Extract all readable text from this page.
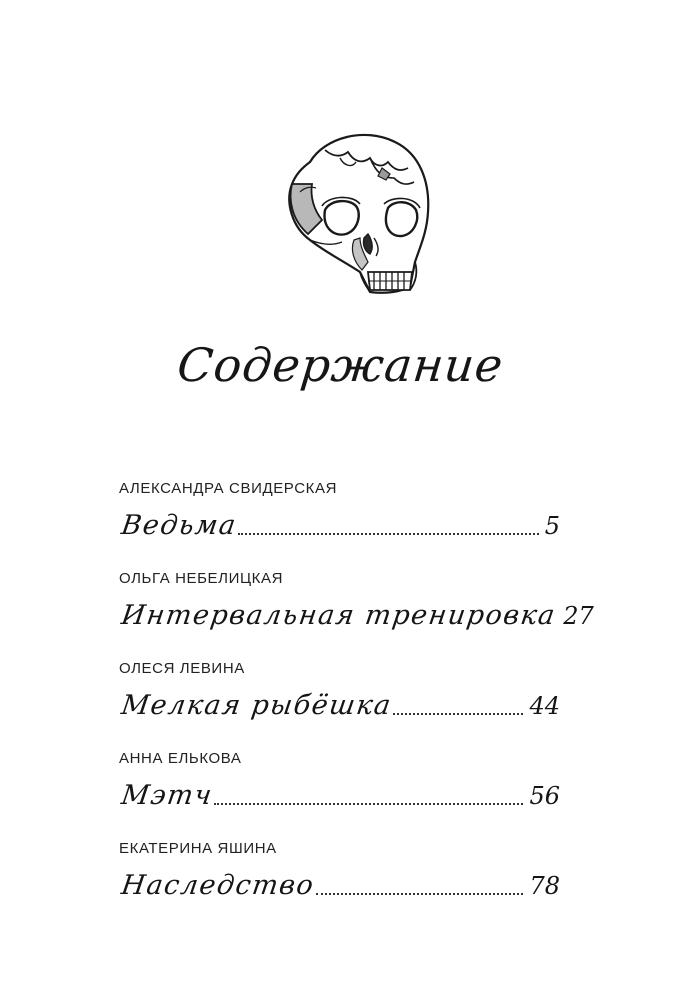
Содержание
АЛЕКСАНДРА СВИДЕРСКАЯ
Ведьма	5
ОЛЬГА НЕБЕЛИЦКАЯ
Интервальная тренировка 27
ОЛЕСЯ ЛЕВИНА
Мелкая рыбёшка	44
АННА ЕЛЬКОВА
Мэтч	56
ЕКАТЕРИНА ЯШИНА
Наследство	78
